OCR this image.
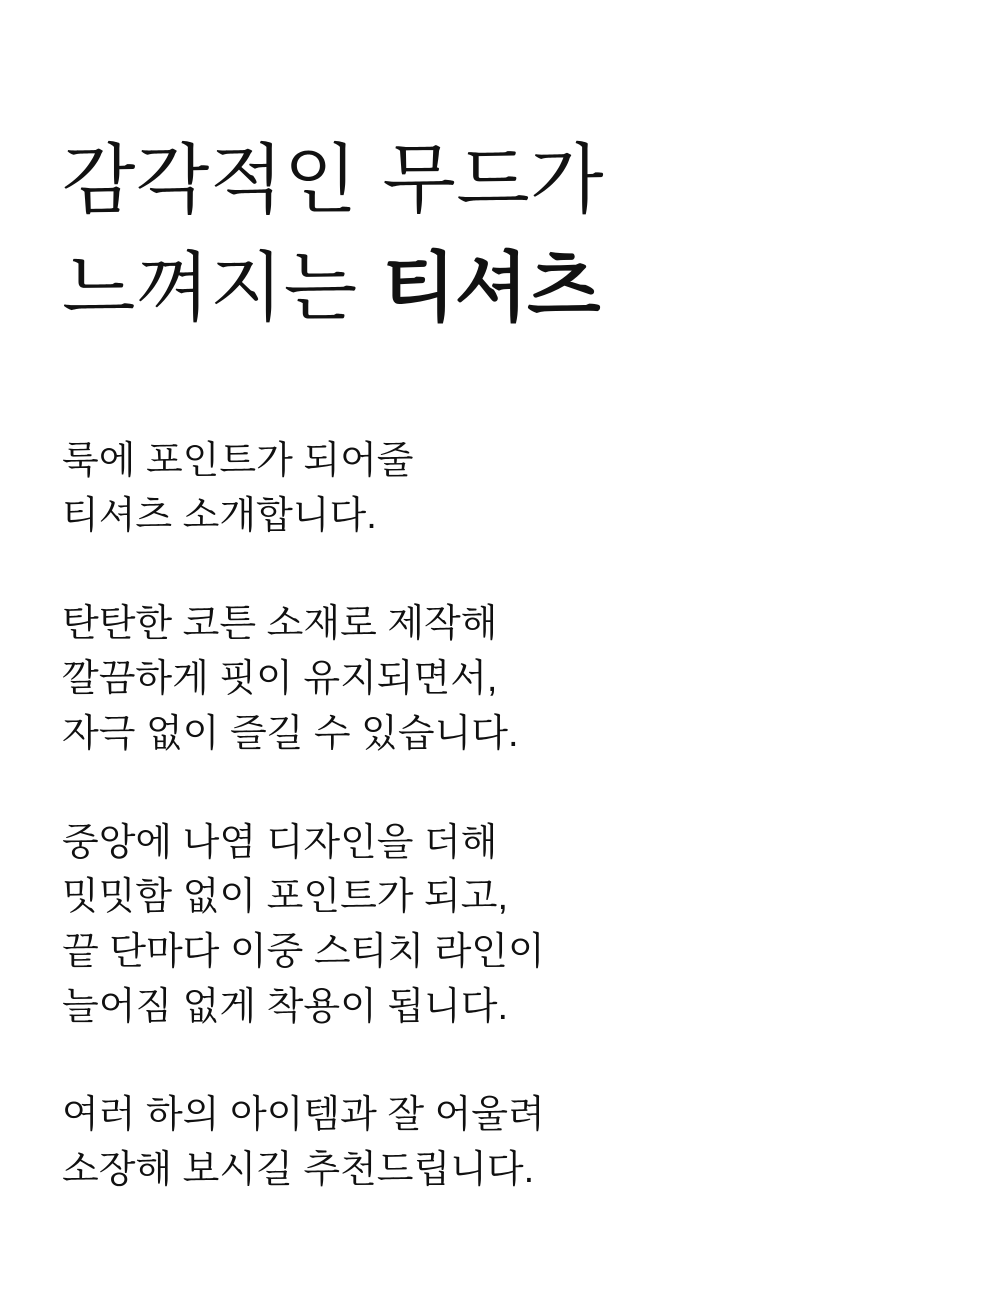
감각적인 무드가
느껴지는 티셔츠
룩에 포인트가 되어줄
티셔츠 소개합니다.
탄탄한 코튼 소재로 제작해
깔끔하게 핏이 유지되면서,
자극 없이 즐길 수 있습니다.
중앙에 나염 디자인을 더해
밋밋함 없이 포인트가 되고,
끝 단마다 이중 스티치 라인이
늘어짐 없게 착용이 됩니다.
여러 하의 아이템과 잘 어울려
소장해 보시길 추천드립니다.
